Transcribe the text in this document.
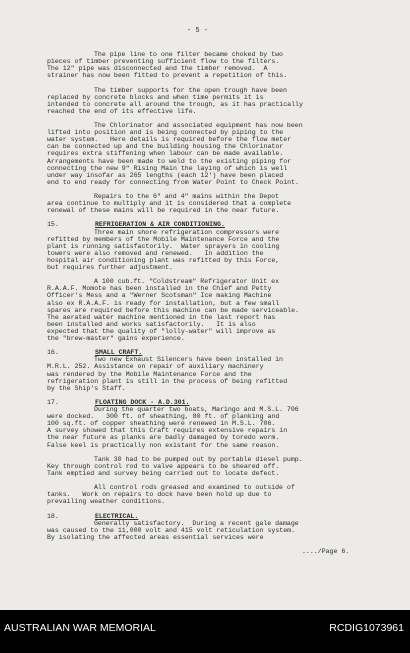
- 5 -
The pipe line to one filter became choked by two
pieces of timber preventing sufficient flow to the filters.
The 12" pipe was disconnected and the timber removed.  A
strainer has now been fitted to prevent a repetition of this.
The timber supports for the open trough have been
replaced by concrete blocks and when time permits it is
intended to concrete all around the trough, as it has practically
reached the end of its effective life.
The Chlorinator and associated equipment has now been
lifted into position and is being connected by piping to the
water system.   Here details is required before the flow meter
can be connected up and the building housing the Chlorinator
requires extra stiffening when labour can be made available.
Arrangements have been made to weld to the existing piping for
connecting the new 9" Rising Main the laying of which is well
under way insofar as 265 lengths (each 12') have been placed
end to end ready for connecting from Water Point to Check Point.
Repairs to the 6" and 4" mains within the Depot
area continue to multiply and it is considered that a complete
renewal of these mains will be required in the near future.
15.	REFRIGERATION & AIR CONDITIONING.
Three main shore refrigeration compressors were
refitted by members of the Mobile Maintenance Force and the
plant is running satisfactorily.  Water sprayers in cooling
towers were also removed and renewed.   In addition the
hospital air conditioning plant was refitted by this Force,
but requires further adjustment.
A 100 cub.ft. "Coldstream" Refrigerator Unit ex
R.A.A.F. Momote has been installed in the Chief and Petty
Officer's Mess and a "Werner Scotsman" Ice making Machine
also ex R.A.A.F. is ready for installation, but a few small
spares are required before this machine can be made serviceable.
The aerated water machine mentioned in the last report has
been installed and works satisfactorily.   It is also
expected that the quality of "lolly-water" will improve as
the "brew-master" gains experience.
16.	SMALL CRAFT.
Two new Exhaust Silencers have been installed in
M.R.L. 252. Assistance on repair of auxiliary machinery
was rendered by the Mobile Maintenance Force and the
refrigeration plant is still in the process of being refitted
by the Ship's Staff.
17.	FLOATING DOCK - A.D.301.
During the quarter two boats, Maringo and M.S.L. 706
were docked.   300 ft. of sheathing, 80 ft. of planking and
100 sq.ft. of copper sheathing were renewed in M.S.L. 706.
A survey showed that this Craft requires extensive repairs in
the near future as planks are badly damaged by toredo worm.
False keel is practically non existant for the same reason.
Tank 30 had to be pumped out by portable diesel pump.
Key through control rod to valve appears to be sheared off.
Tank emptied and survey being carried out to locate defect.
All control rods greased and examined to outside of
tanks.   Work on repairs to dock have been hold up due to
prevailing weather conditions.
18.	ELECTRICAL.
Generally satisfactory.  During a recent gale damage
was caused to the 11,000 volt and 415 volt reticulation system.
By isolating the affected areas essential services were
..../Page 6.
AUSTRALIAN WAR MEMORIAL	RCDIG1073961
